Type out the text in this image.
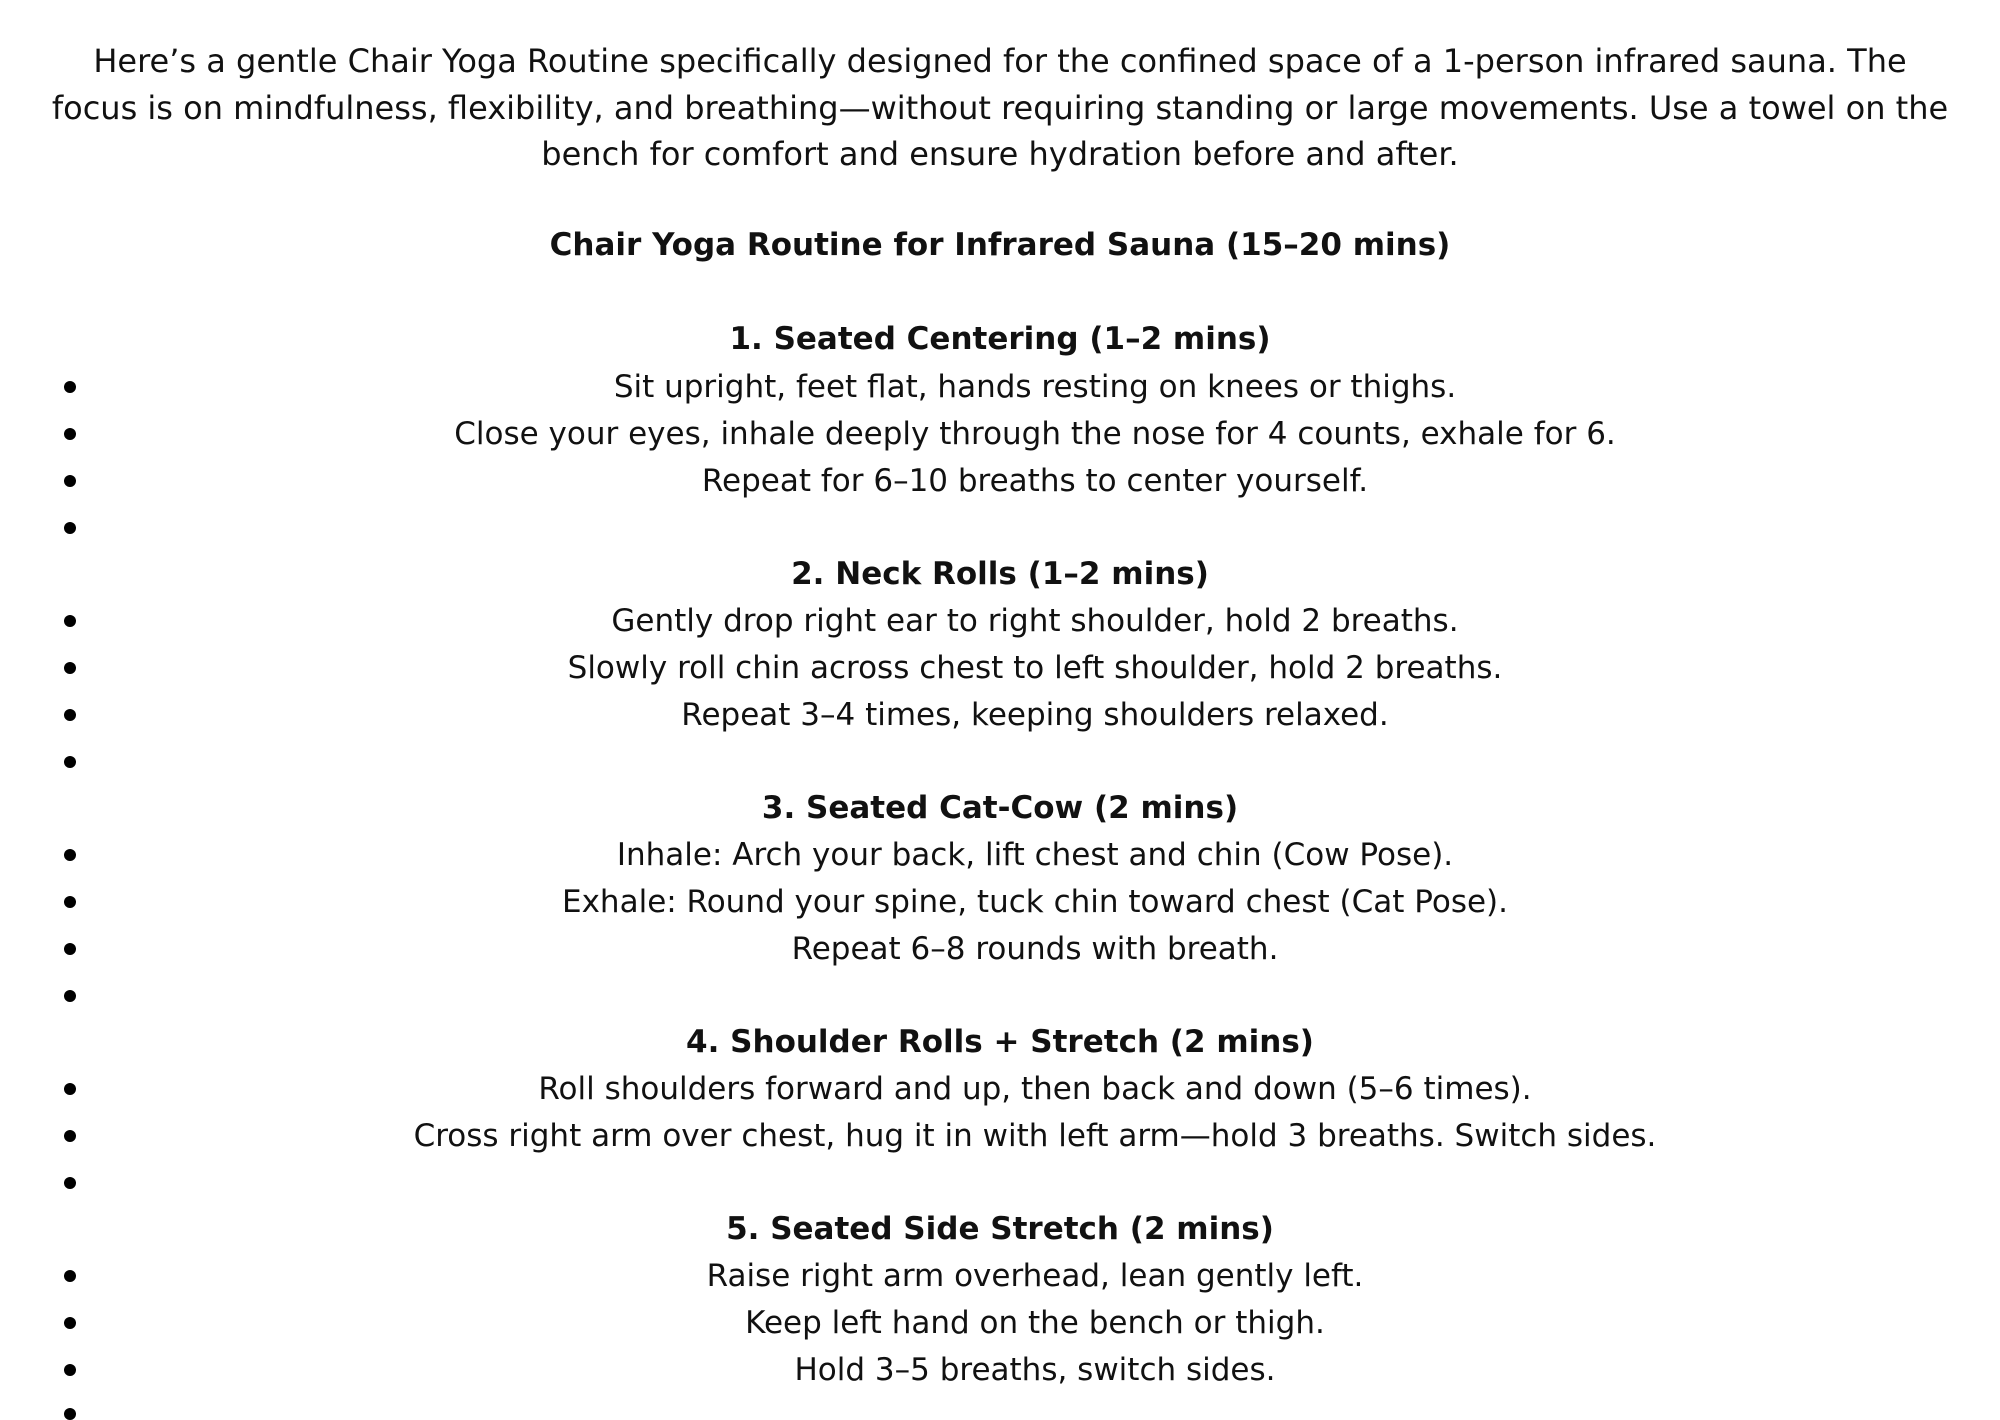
Here’s a gentle Chair Yoga Routine specifically designed for the confined space of a 1-person infrared sauna. The focus is on mindfulness, flexibility, and breathing—without requiring standing or large movements. Use a towel on the bench for comfort and ensure hydration before and after.

Chair Yoga Routine for Infrared Sauna (15–20 mins)
1. Seated Centering (1–2 mins)
Sit upright, feet flat, hands resting on knees or thighs.
Close your eyes, inhale deeply through the nose for 4 counts, exhale for 6.
Repeat for 6–10 breaths to center yourself.
2. Neck Rolls (1–2 mins)
Gently drop right ear to right shoulder, hold 2 breaths.
Slowly roll chin across chest to left shoulder, hold 2 breaths.
Repeat 3–4 times, keeping shoulders relaxed.
3. Seated Cat-Cow (2 mins)
Inhale: Arch your back, lift chest and chin (Cow Pose).
Exhale: Round your spine, tuck chin toward chest (Cat Pose).
Repeat 6–8 rounds with breath.
4. Shoulder Rolls + Stretch (2 mins)
Roll shoulders forward and up, then back and down (5–6 times).
Cross right arm over chest, hug it in with left arm—hold 3 breaths. Switch sides.
5. Seated Side Stretch (2 mins)
Raise right arm overhead, lean gently left.
Keep left hand on the bench or thigh.
Hold 3–5 breaths, switch sides.
